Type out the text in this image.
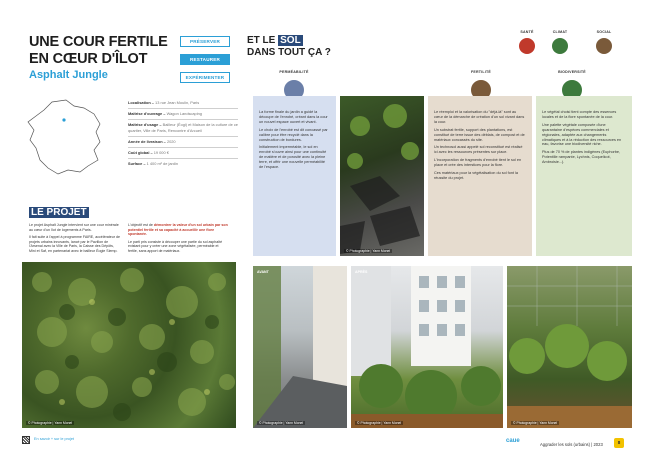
UNE COUR FERTILE
EN CŒUR D'ÎLOT
Asphalt Jungle
PRÉSERVER
RESTAURER
EXPÉRIMENTER
Localisation – 13 rue Jean Moulin, Paris
Maîtrise d'ouvrage – Wagon Landscaping
Maîtrise d'usage – Bailleur (Éogi) et Maison de la culture de ce quartier, Ville de Paris, Rencontre d'Arcueil
Année de livraison – 2020
Coût global – 19 000 €
Surface – 1 400 m² de jardin
LE PROJET

Le projet Asphalt Jungle intervient sur une cour minérale au cœur d'un îlot de logements à Paris.

Il fait suite à l'appel à programme FAIRE, accélérateur de projets urbains innovants, lancé par le Pavillon de l'Arsenal avec la Ville de Paris, la Caisse des Dépôts, Mini et Saf, en partenariat avec le bailleur Éogie Siemp.

L'objectif est de démontrer la valeur d'un sol urbain par son potentiel fertile et sa capacité à accueillir une flore spontanée.

Le parti pris consiste à découper une partie du sol asphalté existant pour y créer une zone végétalisée, perméable et fertile, sans apport de matériaux.

© Photographie | Yann Monel
En savoir + sur le projet
ET LE SOL
DANS TOUT ÇA ?
SANTÉ	CLIMAT	SOCIAL
PERMÉABILITÉ

La forme finale du jardin a guidé la découpe de l'enrobé, créant dans la cour un nouvel espace ouvert et vivant.

Le choix de l'enrobé est dit concassé par calibre pour être recyclé dans la construction de bordures.

Initialement imperméable, le sol en enrobé s'ouvre ainsi pour une continuité de matière et de porosité avec la pleine terre, et offrir une nouvelle perméabilité de l'espace.

© Photographie | Yann Monel
FERTILITÉ

Le réemploi et la valorisation du "déjà-là" sont au cœur de la démarche de création d'un sol vivant dans la cour.

Un substrat fertile, support des plantations, est constitué de terre issue des déblais, de compost et de matériaux concassés du site.

Un technosol aussi appelé sol reconstitué est réalisé ici avec les ressources présentes sur place.

L'incorporation de fragments d'enrobé tient le sol en place et crée des interstices pour la flore.

Ces matériaux pour la végétalisation du sol font la réussite du projet.

BIODIVERSITÉ

Le végétal choisi tient compte des essences locales et de la flore spontanée de la cour.

Une palette végétale composée d'une quarantaine d'espèces commerciales et régionales, adaptée aux changements climatiques et à la réduction des ressources en eau, favorise une biodiversité riche.

Plus de 70 % de plantes indigènes (Euphorbe, Potentille rampante, Lychnis, Coquelicot, Ambroisie...).

AVANT
© Photographie | Yann Monel
APRÈS
© Photographie | Yann Monel	© Photographie | Yann Monel
caue
Aggrader les sols (urbains) | 2023	8
